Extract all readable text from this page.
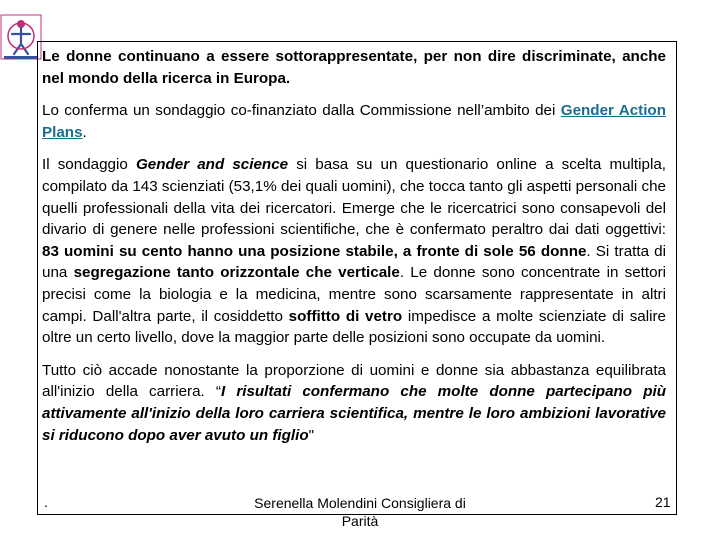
Le donne continuano a essere sottorappresentate, per non dire discriminate, anche nel mondo della ricerca in Europa.

Lo conferma un sondaggio co-finanziato dalla Commissione nell’ambito dei Gender Action Plans.

Il sondaggio Gender and science si basa su un questionario online a scelta multipla, compilato da 143 scienziati (53,1% dei quali uomini), che tocca tanto gli aspetti personali che quelli professionali della vita dei ricercatori. Emerge che le ricercatrici sono consapevoli del divario di genere nelle professioni scientifiche, che è confermato peraltro dai dati oggettivi: 83 uomini su cento hanno una posizione stabile, a fronte di sole 56 donne. Si tratta di una segregazione tanto orizzontale che verticale. Le donne sono concentrate in settori precisi come la biologia e la medicina, mentre sono scarsamente rappresentate in altri campi. Dall'altra parte, il cosiddetto soffitto di vetro impedisce a molte scienziate di salire oltre un certo livello, dove la maggior parte delle posizioni sono occupate da uomini.

Tutto ciò accade nonostante la proporzione di uomini e donne sia abbastanza equilibrata all'inizio della carriera. “I risultati confermano che molte donne partecipano più attivamente all'inizio della loro carriera scientifica, mentre le loro ambizioni lavorative si riducono dopo aver avuto un figlio"

.	Serenella Molendini Consigliera di Parità
21
